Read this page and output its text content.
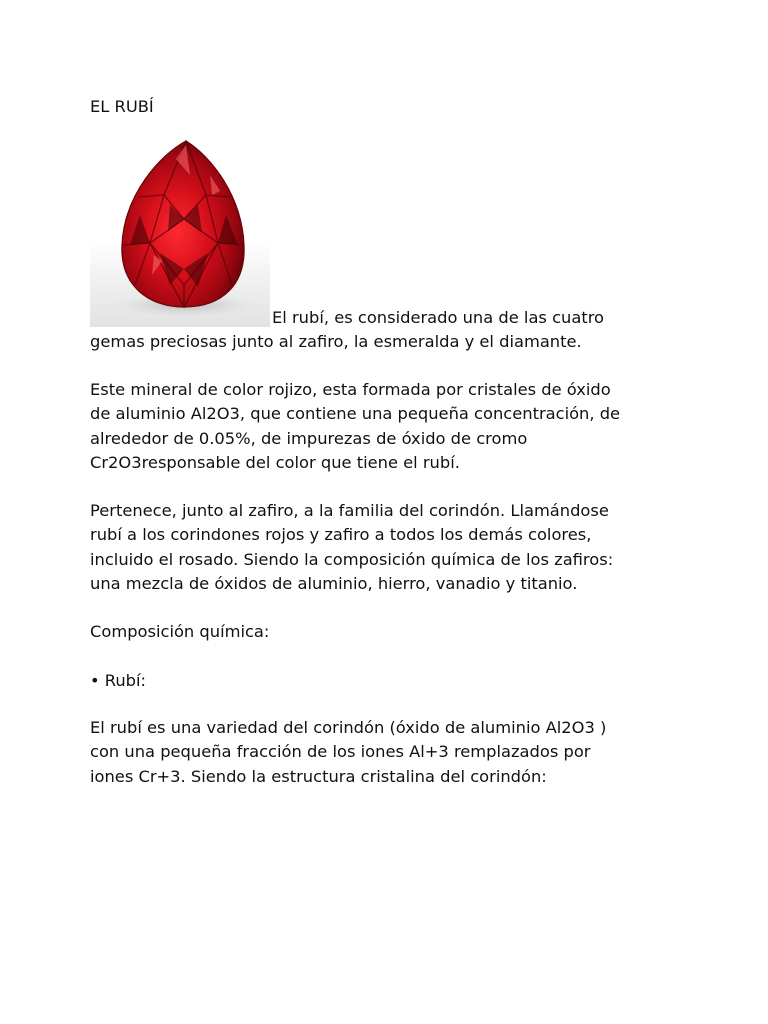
EL RUBÍ

El rubí, es considerado una de las cuatro
gemas preciosas junto al zafiro, la esmeralda y el diamante.

Este mineral de color rojizo, esta formada por cristales de óxido
de aluminio Al2O3, que contiene una pequeña concentración, de
alrededor de 0.05%, de impurezas de óxido de cromo
Cr2O3responsable del color que tiene el rubí.

Pertenece, junto al zafiro, a la familia del corindón. Llamándose
rubí a los corindones rojos y zafiro a todos los demás colores,
incluido el rosado. Siendo la composición química de los zafiros:
una mezcla de óxidos de aluminio, hierro, vanadio y titanio.

Composición química:

• Rubí:

El rubí es una variedad del corindón (óxido de aluminio Al2O3 )
con una pequeña fracción de los iones Al+3 remplazados por
iones Cr+3. Siendo la estructura cristalina del corindón:
